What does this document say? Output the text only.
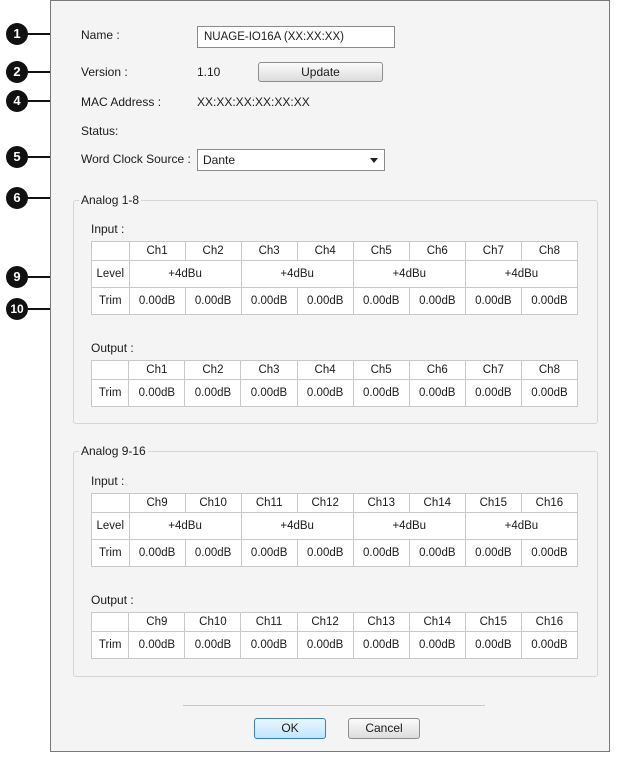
1
2
4
5
6
9
10
Name :	NUAGE-IO16A (XX:XX:XX)
Version :	1.10	Update
MAC Address :	XX:XX:XX:XX:XX:XX
Status:
Word Clock Source :	Dante
Analog 1-8
Input :
	Ch1	Ch2	Ch3	Ch4	Ch5	Ch6	Ch7	Ch8
Level	+4dBu		+4dBu		+4dBu		+4dBu	
Trim	0.00dB	0.00dB	0.00dB	0.00dB	0.00dB	0.00dB	0.00dB	0.00dB
Output :
	Ch1	Ch2	Ch3	Ch4	Ch5	Ch6	Ch7	Ch8
Trim	0.00dB	0.00dB	0.00dB	0.00dB	0.00dB	0.00dB	0.00dB	0.00dB
Analog 9-16
Input :
	Ch9	Ch10	Ch11	Ch12	Ch13	Ch14	Ch15	Ch16
Level	+4dBu		+4dBu		+4dBu		+4dBu	
Trim	0.00dB	0.00dB	0.00dB	0.00dB	0.00dB	0.00dB	0.00dB	0.00dB
Output :
	Ch9	Ch10	Ch11	Ch12	Ch13	Ch14	Ch15	Ch16
Trim	0.00dB	0.00dB	0.00dB	0.00dB	0.00dB	0.00dB	0.00dB	0.00dB
OK	Cancel
